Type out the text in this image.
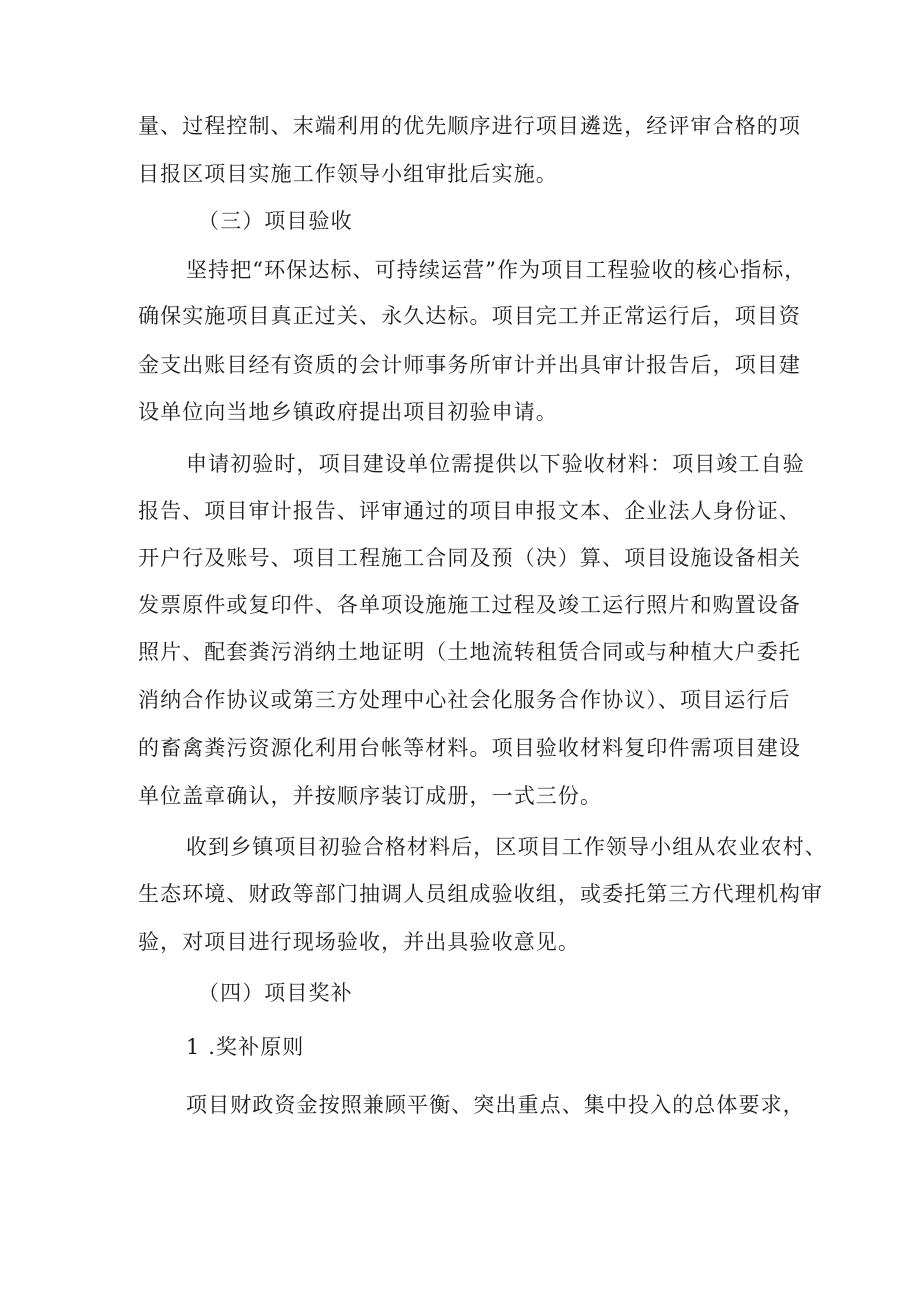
量、过程控制、末端利用的优先顺序进行项目遴选，经评审合格的项
目报区项目实施工作领导小组审批后实施。
（三）项目验收
坚持把“环保达标、可持续运营”作为项目工程验收的核心指标，
确保实施项目真正过关、永久达标。项目完工并正常运行后，项目资
金支出账目经有资质的会计师事务所审计并出具审计报告后，项目建
设单位向当地乡镇政府提出项目初验申请。
申请初验时，项目建设单位需提供以下验收材料：项目竣工自验
报告、项目审计报告、评审通过的项目申报文本、企业法人身份证、
开户行及账号、项目工程施工合同及预（决）算、项目设施设备相关
发票原件或复印件、各单项设施施工过程及竣工运行照片和购置设备
照片、配套粪污消纳土地证明（土地流转租赁合同或与种植大户委托
消纳合作协议或第三方处理中心社会化服务合作协议）、项目运行后
的畜禽粪污资源化利用台帐等材料。项目验收材料复印件需项目建设
单位盖章确认，并按顺序装订成册，一式三份。
收到乡镇项目初验合格材料后，区项目工作领导小组从农业农村、
生态环境、财政等部门抽调人员组成验收组，或委托第三方代理机构审
验，对项目进行现场验收，并出具验收意见。
（四）项目奖补
1 .奖补原则
项目财政资金按照兼顾平衡、突出重点、集中投入的总体要求，
